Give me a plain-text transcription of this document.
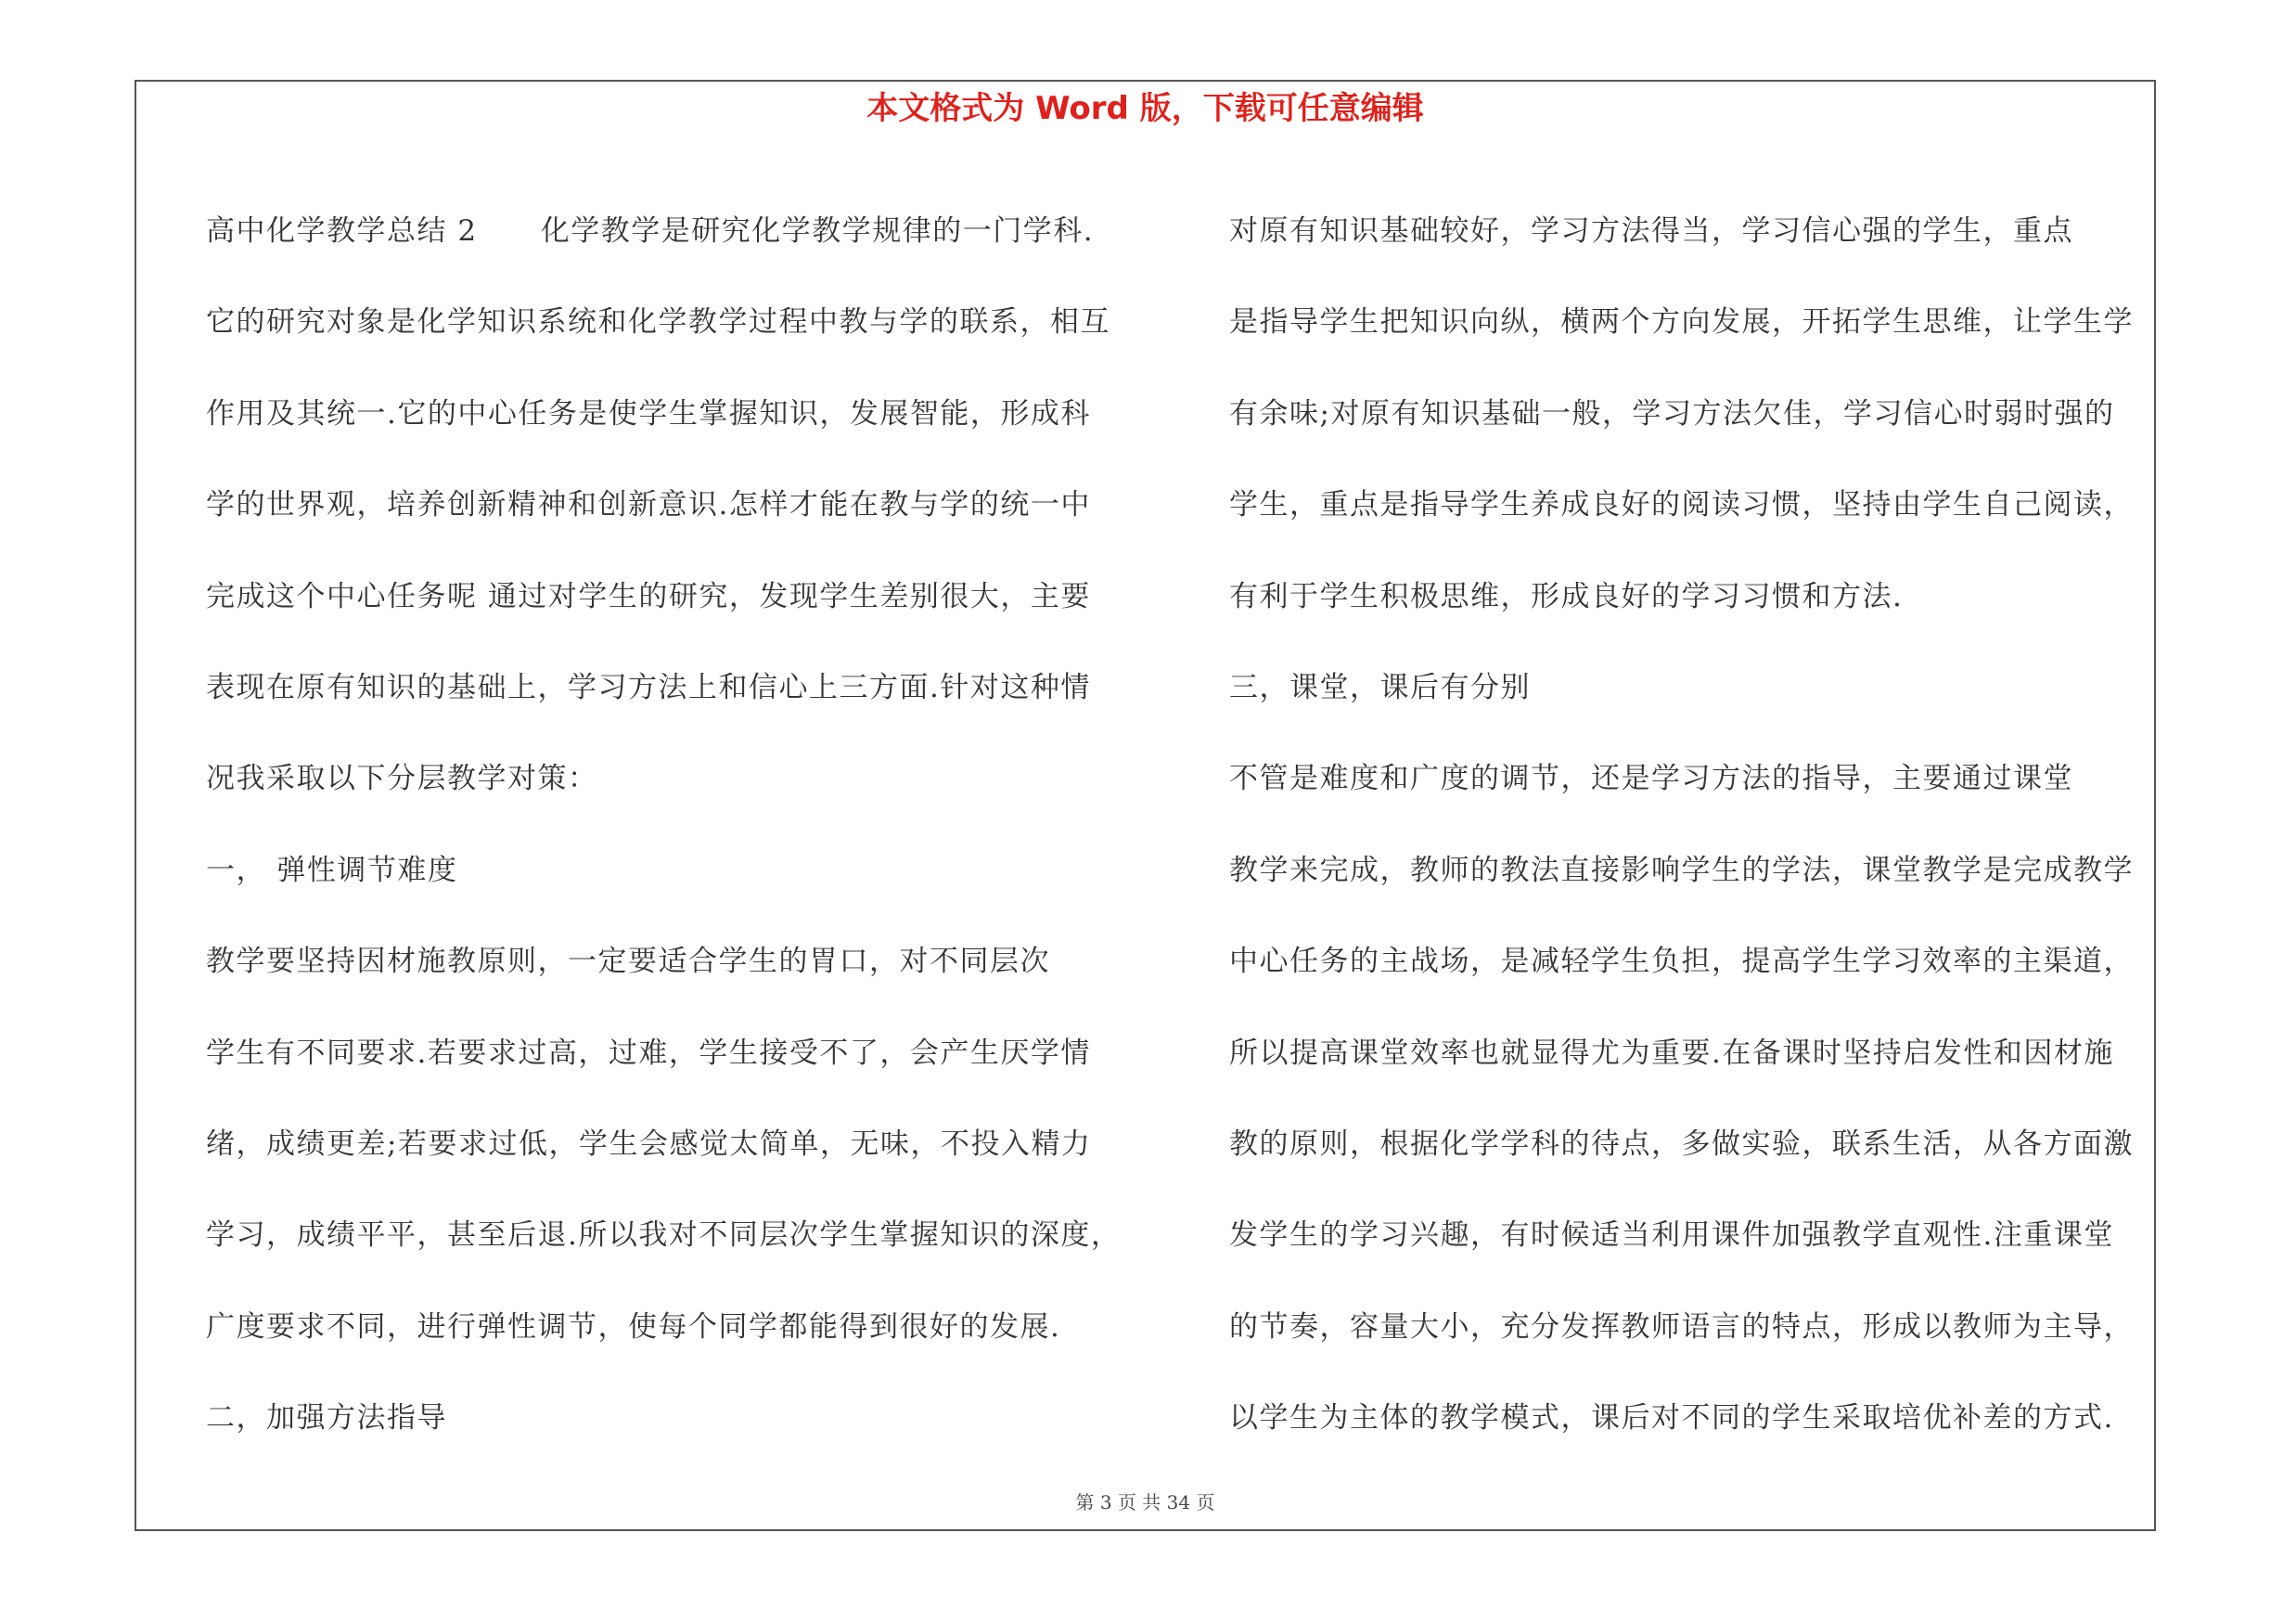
本文格式为 Word 版，下载可任意编辑
高中化学教学总结 2 化学教学是研究化学教学规律的一门学科.
它的研究对象是化学知识系统和化学教学过程中教与学的联系，相互
作用及其统一.它的中心任务是使学生掌握知识，发展智能，形成科
学的世界观，培养创新精神和创新意识.怎样才能在教与学的统一中
完成这个中心任务呢 通过对学生的研究，发现学生差别很大，主要
表现在原有知识的基础上，学习方法上和信心上三方面.针对这种情
况我采取以下分层教学对策：
一， 弹性调节难度
教学要坚持因材施教原则，一定要适合学生的胃口，对不同层次
学生有不同要求.若要求过高，过难，学生接受不了，会产生厌学情
绪，成绩更差;若要求过低，学生会感觉太简单，无味，不投入精力
学习，成绩平平，甚至后退.所以我对不同层次学生掌握知识的深度，
广度要求不同，进行弹性调节，使每个同学都能得到很好的发展.
二，加强方法指导
对原有知识基础较好，学习方法得当，学习信心强的学生，重点
是指导学生把知识向纵，横两个方向发展，开拓学生思维，让学生学
有余味;对原有知识基础一般，学习方法欠佳，学习信心时弱时强的
学生，重点是指导学生养成良好的阅读习惯，坚持由学生自己阅读，
有利于学生积极思维，形成良好的学习习惯和方法.
三，课堂，课后有分别
不管是难度和广度的调节，还是学习方法的指导，主要通过课堂
教学来完成，教师的教法直接影响学生的学法，课堂教学是完成教学
中心任务的主战场，是减轻学生负担，提高学生学习效率的主渠道，
所以提高课堂效率也就显得尤为重要.在备课时坚持启发性和因材施
教的原则，根据化学学科的待点，多做实验，联系生活，从各方面激
发学生的学习兴趣，有时候适当利用课件加强教学直观性.注重课堂
的节奏，容量大小，充分发挥教师语言的特点，形成以教师为主导，
以学生为主体的教学模式，课后对不同的学生采取培优补差的方式.
第 3 页 共 34 页
